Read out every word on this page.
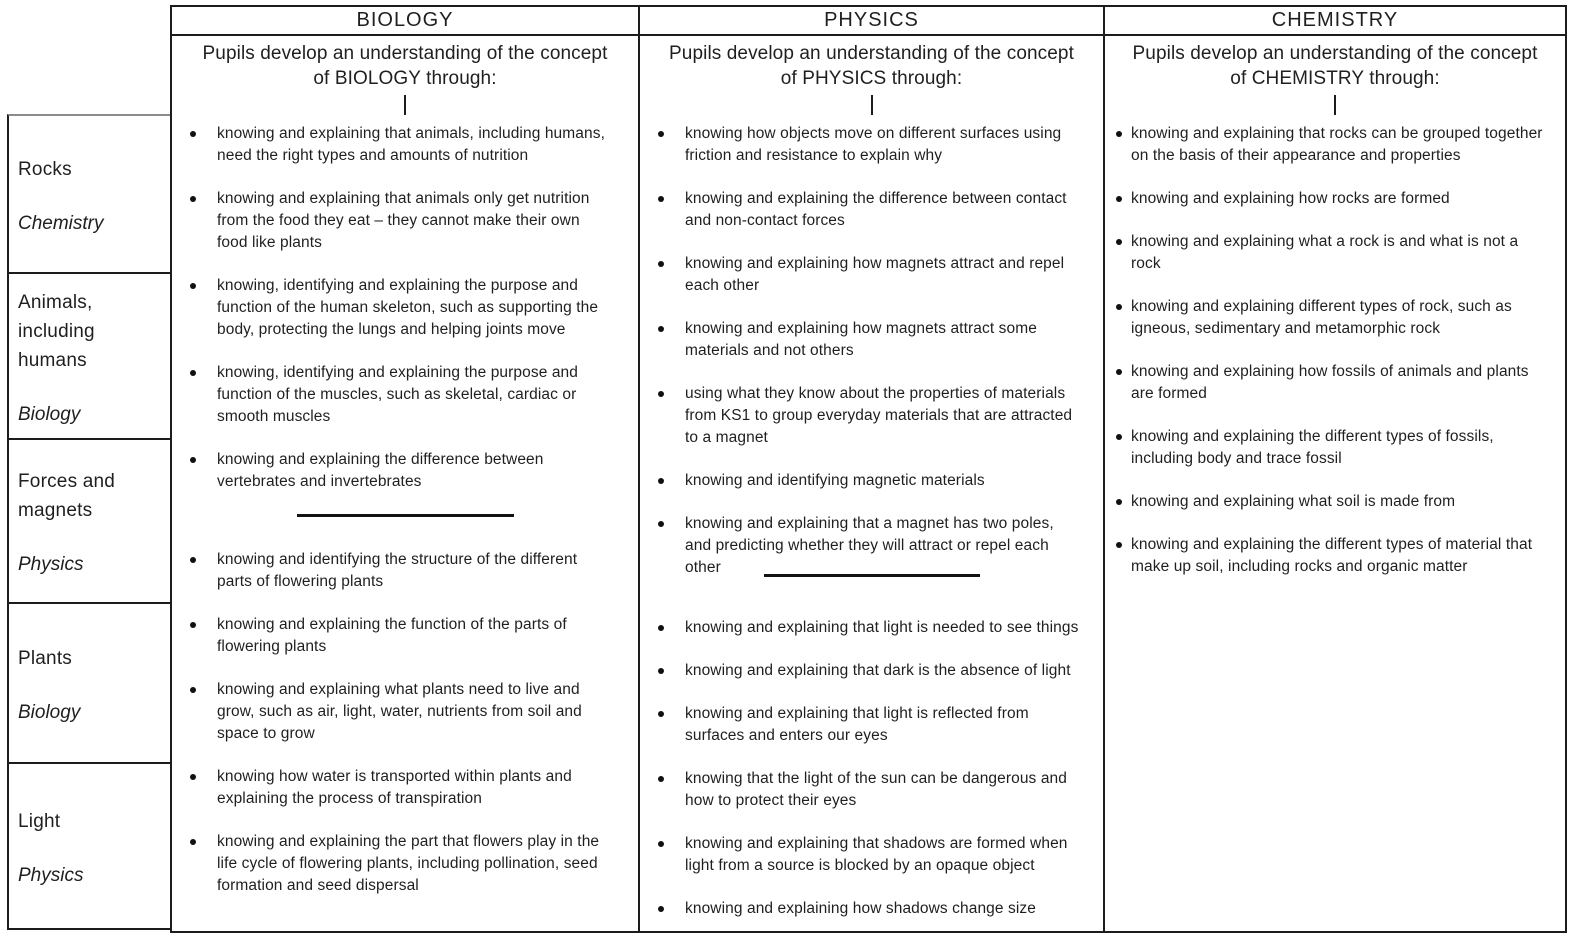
Rocks
Chemistry
Animals, including humans
Biology
Forces and magnets
Physics
Plants
Biology
Light
Physics
BIOLOGY
Pupils develop an understanding of the concept
of BIOLOGY through:
knowing and explaining that animals, including humans, need the right types and amounts of nutrition
knowing and explaining that animals only get nutrition from the food they eat – they cannot make their own food like plants
knowing, identifying and explaining the purpose and function of the human skeleton, such as supporting the body, protecting the lungs and helping joints move
knowing, identifying and explaining the purpose and function of the muscles, such as skeletal, cardiac or smooth muscles
knowing and explaining the difference between vertebrates and invertebrates
knowing and identifying the structure of the different parts of flowering plants
knowing and explaining the function of the parts of flowering plants
knowing and explaining what plants need to live and grow, such as air, light, water, nutrients from soil and space to grow
knowing how water is transported within plants and explaining the process of transpiration
knowing and explaining the part that flowers play in the life cycle of flowering plants, including pollination, seed formation and seed dispersal
PHYSICS
Pupils develop an understanding of the concept
of PHYSICS through:
knowing how objects move on different surfaces using friction and resistance to explain why
knowing and explaining the difference between contact and non-contact forces
knowing and explaining how magnets attract and repel each other
knowing and explaining how magnets attract some materials and not others
using what they know about the properties of materials from KS1 to group everyday materials that are attracted to a magnet
knowing and identifying magnetic materials
knowing and explaining that a magnet has two poles, and predicting whether they will attract or repel each other
knowing and explaining that light is needed to see things
knowing and explaining that dark is the absence of light
knowing and explaining that light is reflected from surfaces and enters our eyes
knowing that the light of the sun can be dangerous and how to protect their eyes
knowing and explaining that shadows are formed when light from a source is blocked by an opaque object
knowing and explaining how shadows change size
CHEMISTRY
Pupils develop an understanding of the concept
of CHEMISTRY through:
knowing and explaining that rocks can be grouped together on the basis of their appearance and properties
knowing and explaining how rocks are formed
knowing and explaining what a rock is and what is not a rock
knowing and explaining different types of rock, such as igneous, sedimentary and metamorphic rock
knowing and explaining how fossils of animals and plants are formed
knowing and explaining the different types of fossils, including body and trace fossil
knowing and explaining what soil is made from
knowing and explaining the different types of material that make up soil, including rocks and organic matter
